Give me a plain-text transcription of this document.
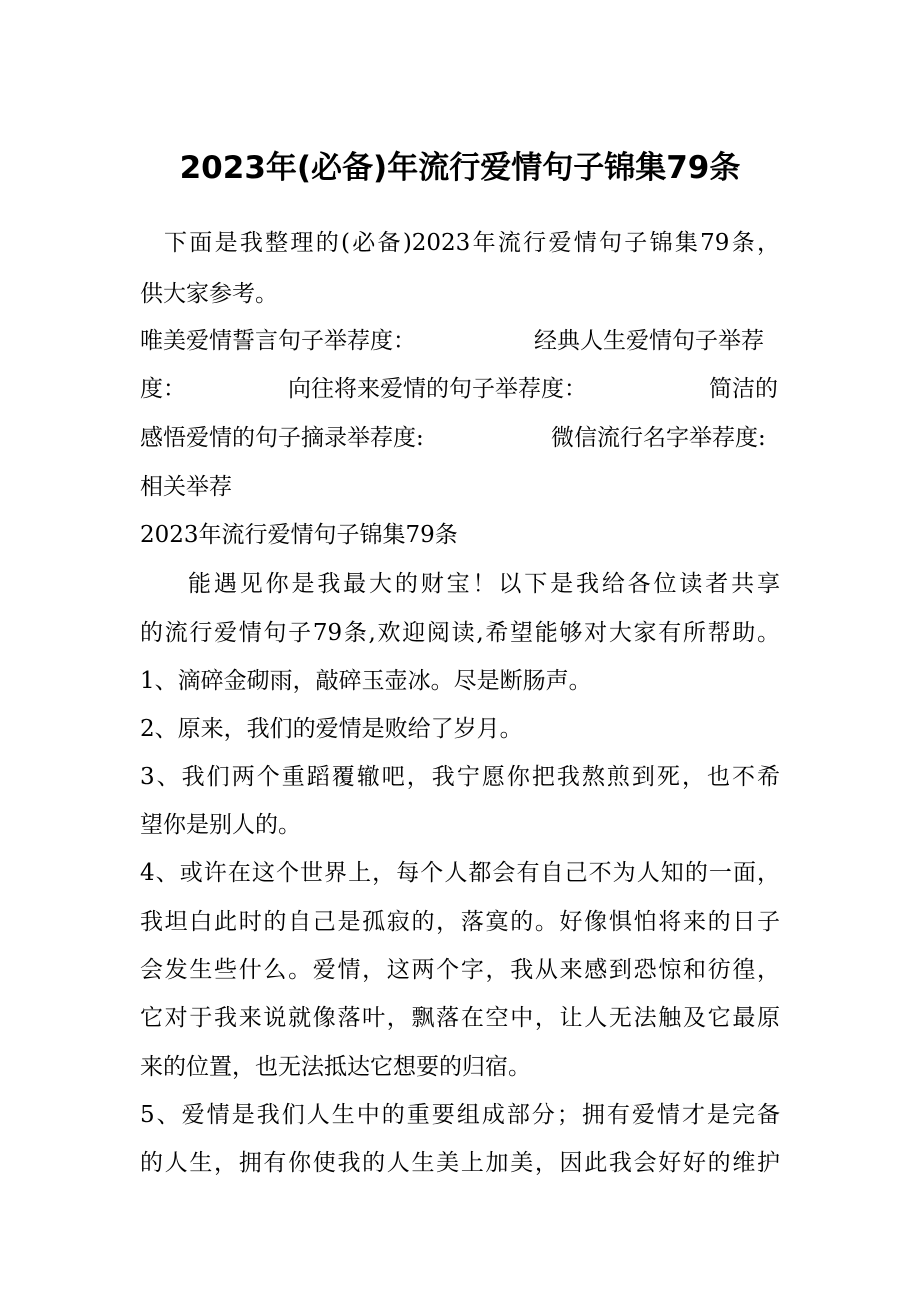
2023年(必备)年流行爱情句子锦集79条
下面是我整理的(必备)2023年流行爱情句子锦集79条，
供大家参考。
唯美爱情誓言句子举荐度：	经典人生爱情句子举荐
度：	向往将来爱情的句子举荐度：	简洁的
感悟爱情的句子摘录举荐度:	微信流行名字举荐度:
相关举荐
2023年流行爱情句子锦集79条
能遇见你是我最大的财宝！以下是我给各位读者共享
的流行爱情句子79条,欢迎阅读,希望能够对大家有所帮助。
1、滴碎金砌雨，敲碎玉壶冰。尽是断肠声。
2、原来，我们的爱情是败给了岁月。
3、我们两个重蹈覆辙吧，我宁愿你把我熬煎到死，也不希
望你是别人的。
4、或许在这个世界上，每个人都会有自己不为人知的一面，
我坦白此时的自己是孤寂的，落寞的。好像惧怕将来的日子
会发生些什么。爱情，这两个字，我从来感到恐惊和彷徨，
它对于我来说就像落叶，飘落在空中，让人无法触及它最原
来的位置，也无法抵达它想要的归宿。
5、爱情是我们人生中的重要组成部分；拥有爱情才是完备
的人生，拥有你使我的人生美上加美，因此我会好好的维护
